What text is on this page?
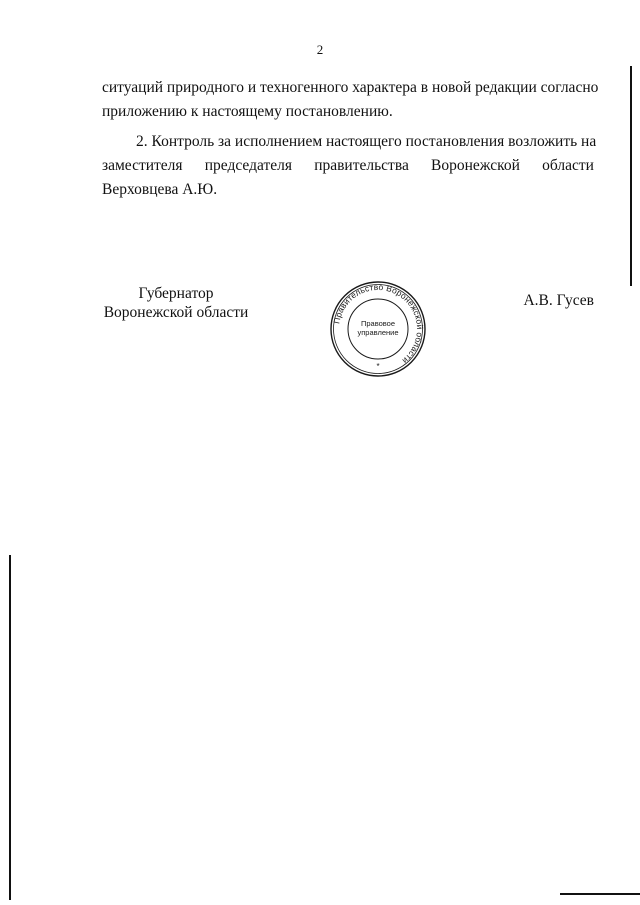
2
ситуаций природного и техногенного характера в новой редакции согласно
приложению к настоящему постановлению.
2. Контроль за исполнением настоящего постановления возложить на
заместителя председателя правительства Воронежской области
Верховцева А.Ю.
Губернатор
Воронежской области	Правительство Воронежской области
Правовое
управление
*
А.В. Гусев
